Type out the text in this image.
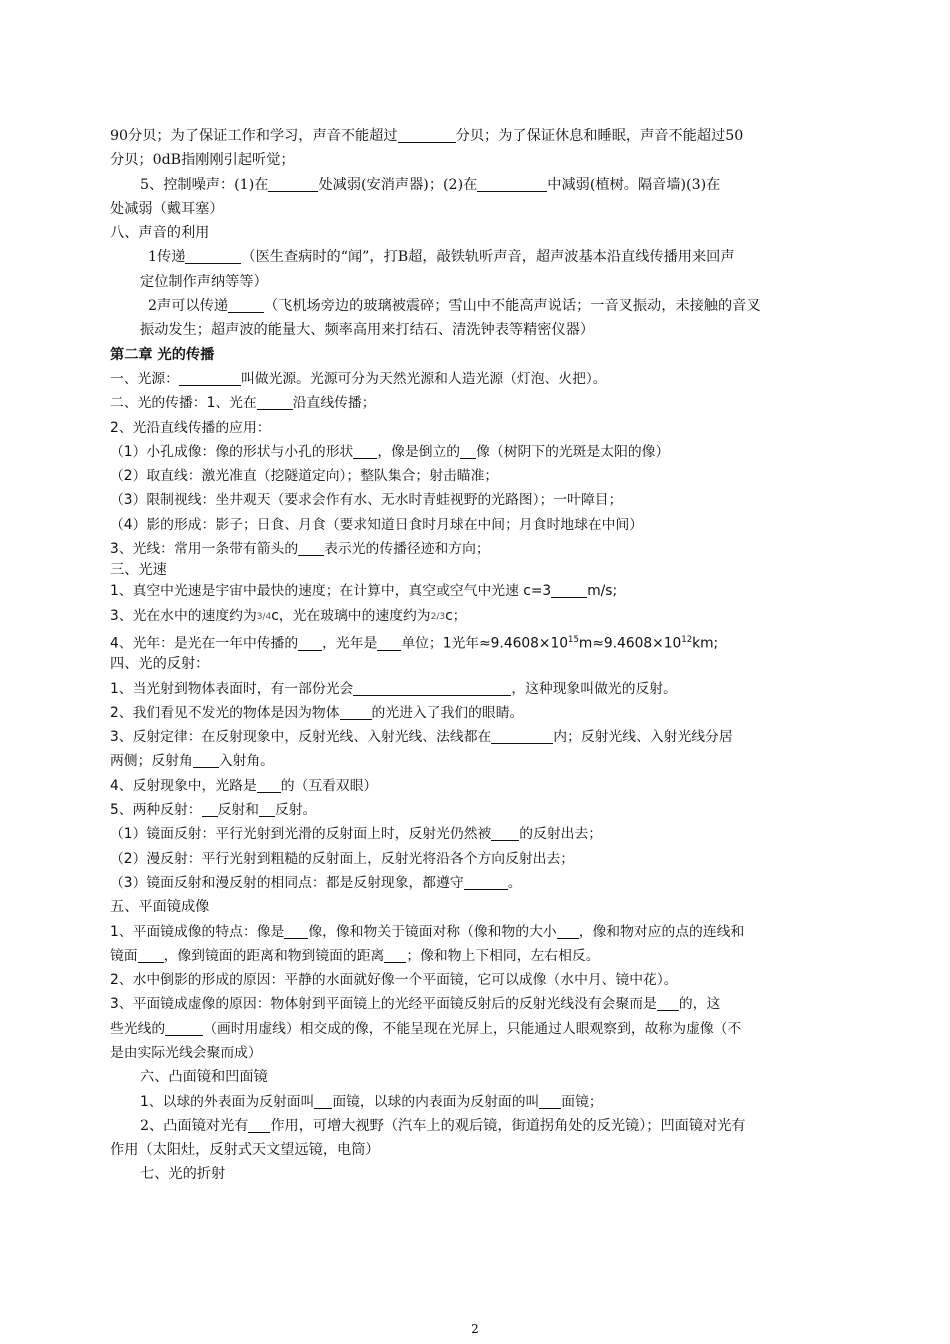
90分贝；为了保证工作和学习，声音不能超过	分贝；为了保证休息和睡眠，声音不能超过50
分贝；0dB指刚刚引起听觉；
5、控制噪声：(1)在	处减弱(安消声器)；(2)在	中减弱(植树。隔音墙)(3)在
处减弱（戴耳塞）
八、声音的利用
1传递	（医生查病时的“闻”，打B超，敲铁轨听声音，超声波基本沿直线传播用来回声
定位制作声纳等等）
2声可以传递	（飞机场旁边的玻璃被震碎；雪山中不能高声说话；一音叉振动，未接触的音叉
振动发生；超声波的能量大、频率高用来打结石、清洗钟表等精密仪器）
第二章 光的传播
一、光源：	叫做光源。光源可分为天然光源和人造光源（灯泡、火把）。
二、光的传播：1、光在	沿直线传播；
2、光沿直线传播的应用：
（1）小孔成像：像的形状与小孔的形状 ，像是倒立的 像（树阴下的光斑是太阳的像）
（2）取直线：激光准直（挖隧道定向）；整队集合；射击瞄准；
（3）限制视线：坐井观天（要求会作有水、无水时青蛙视野的光路图）；一叶障目；
（4）影的形成：影子；日食、月食（要求知道日食时月球在中间；月食时地球在中间）
3、光线：常用一条带有箭头的 表示光的传播径迹和方向；
三、光速
1、真空中光速是宇宙中最快的速度；在计算中，真空或空气中光速 c=3	m/s;
3、光在水中的速度约为3/4c，光在玻璃中的速度约为2/3c；
4、光年：是光在一年中传播的 ，光年是 单位；1光年$\approx 9.4608\times 10^{15}m\approx 9.4608\times 10^{12}km$;
四、光的反射：
1、当光射到物体表面时，有一部份光会	，这种现象叫做光的反射。
2、我们看见不发光的物体是因为物体 的光进入了我们的眼睛。
3、反射定律：在反射现象中，反射光线、入射光线、法线都在	内；反射光线、入射光线分居
两侧；反射角 入射角。
4、反射现象中，光路是 的（互看双眼）
5、两种反射： 反射和 反射。
（1）镜面反射：平行光射到光滑的反射面上时，反射光仍然被 的反射出去；
（2）漫反射：平行光射到粗糙的反射面上，反射光将沿各个方向反射出去；
（3）镜面反射和漫反射的相同点：都是反射现象，都遵守	。
五、平面镜成像
1、平面镜成像的特点：像是 像，像和物关于镜面对称（像和物的大小 ，像和物对应的点的连线和
镜面 ，像到镜面的距离和物到镜面的距离 ；像和物上下相同，左右相反。
2、水中倒影的形成的原因：平静的水面就好像一个平面镜，它可以成像（水中月、镜中花）。
3、平面镜成虚像的原因：物体射到平面镜上的光经平面镜反射后的反射光线没有会聚而是 的，这
些光线的	（画时用虚线）相交成的像，不能呈现在光屏上，只能通过人眼观察到，故称为虚像（不
是由实际光线会聚而成）
六、凸面镜和凹面镜
1、以球的外表面为反射面叫 面镜，以球的内表面为反射面的叫 面镜；
2、凸面镜对光有 作用，可增大视野（汽车上的观后镜，街道拐角处的反光镜）；凹面镜对光有
作用（太阳灶，反射式天文望远镜，电筒）
七、光的折射
2
